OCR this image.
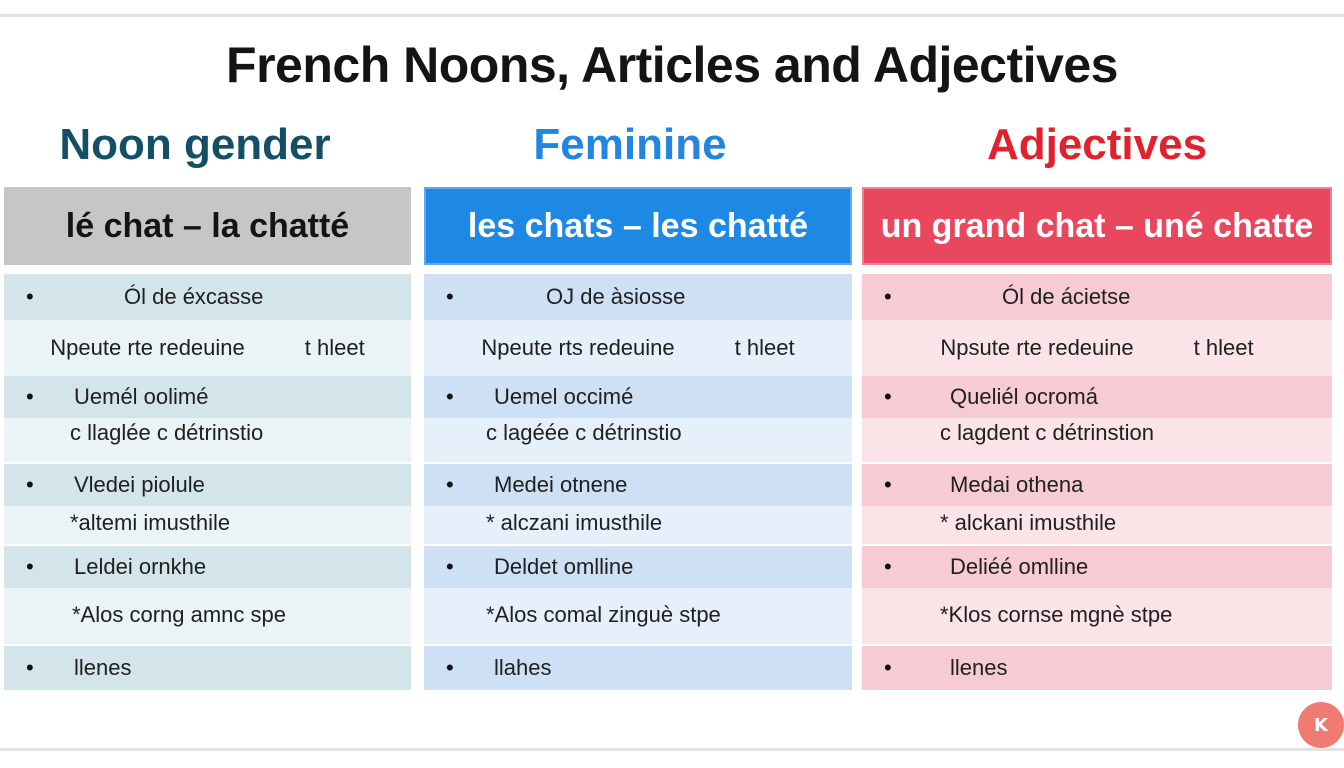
French Noons, Articles and Adjectives
Noon gender	Feminine	Adjectives
lé chat – la chatté
•	Ól de éxcasse
Npeute rte redeuine	t hleet
• Uemél oolimé
c llaglée c détrinstio
• Vledei piolule
*altemi imusthile
• Leldei ornkhe
*Alos corng amnc spe
• llenes
les chats – les chatté
•	OJ de àsiosse
Npeute rts redeuine	t hleet
• Uemel occimé
c lagéée c détrinstio
• Medei otnene
* alczani imusthile
• Deldet omlline
*Alos comal zinguè stpe
• llahes
un grand chat – uné chatte
•	Ól de ácietse
Npsute rte redeuine	t hleet
•	Queliél ocromá
c lagdent c détrinstion
•	Medai othena
* alckani imusthile
•	Deliéé omlline
*Klos cornse mgnè stpe
•	llenes
K
